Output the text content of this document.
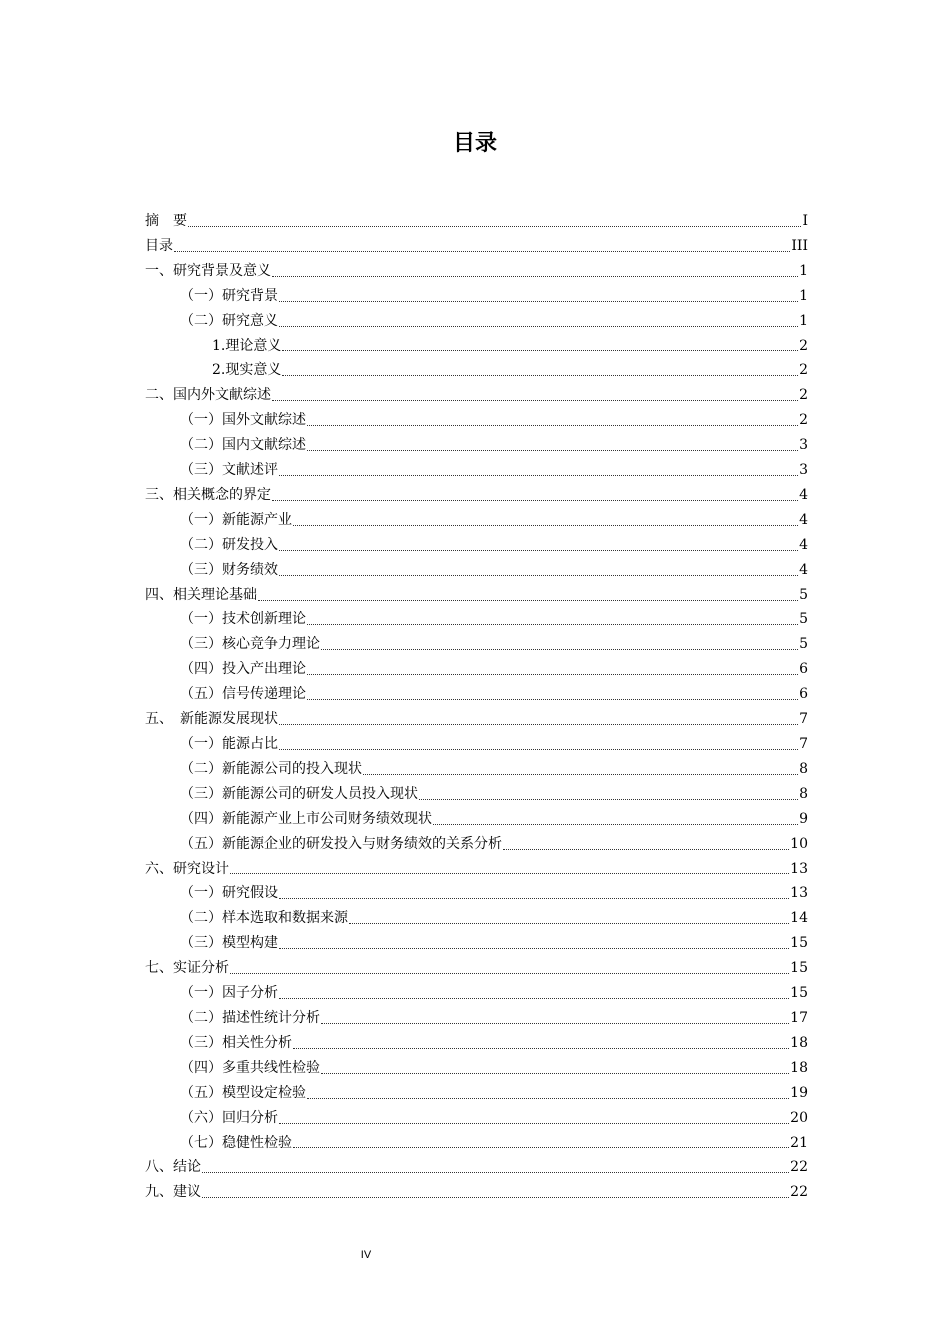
目录
摘　要	I
目录	III
一、研究背景及意义	1
（一）研究背景	1
（二）研究意义	1
1.理论意义	2
2.现实意义	2
二、国内外文献综述	2
（一）国外文献综述	2
（二）国内文献综述	3
（三）文献述评	3
三、相关概念的界定	4
（一）新能源产业	4
（二）研发投入	4
（三）财务绩效	4
四、相关理论基础	5
（一）技术创新理论	5
（三）核心竞争力理论	5
（四）投入产出理论	6
（五）信号传递理论	6
五、　新能源发展现状	7
（一）能源占比	7
（二）新能源公司的投入现状	8
（三）新能源公司的研发人员投入现状	8
（四）新能源产业上市公司财务绩效现状	9
（五）新能源企业的研发投入与财务绩效的关系分析	10
六、研究设计	13
（一）研究假设	13
（二）样本选取和数据来源	14
（三）模型构建	15
七、实证分析	15
（一）因子分析	15
（二）描述性统计分析	17
（三）相关性分析	18
（四）多重共线性检验	18
（五）模型设定检验	19
（六）回归分析	20
（七）稳健性检验	21
八、结论	22
九、建议	22
IV
